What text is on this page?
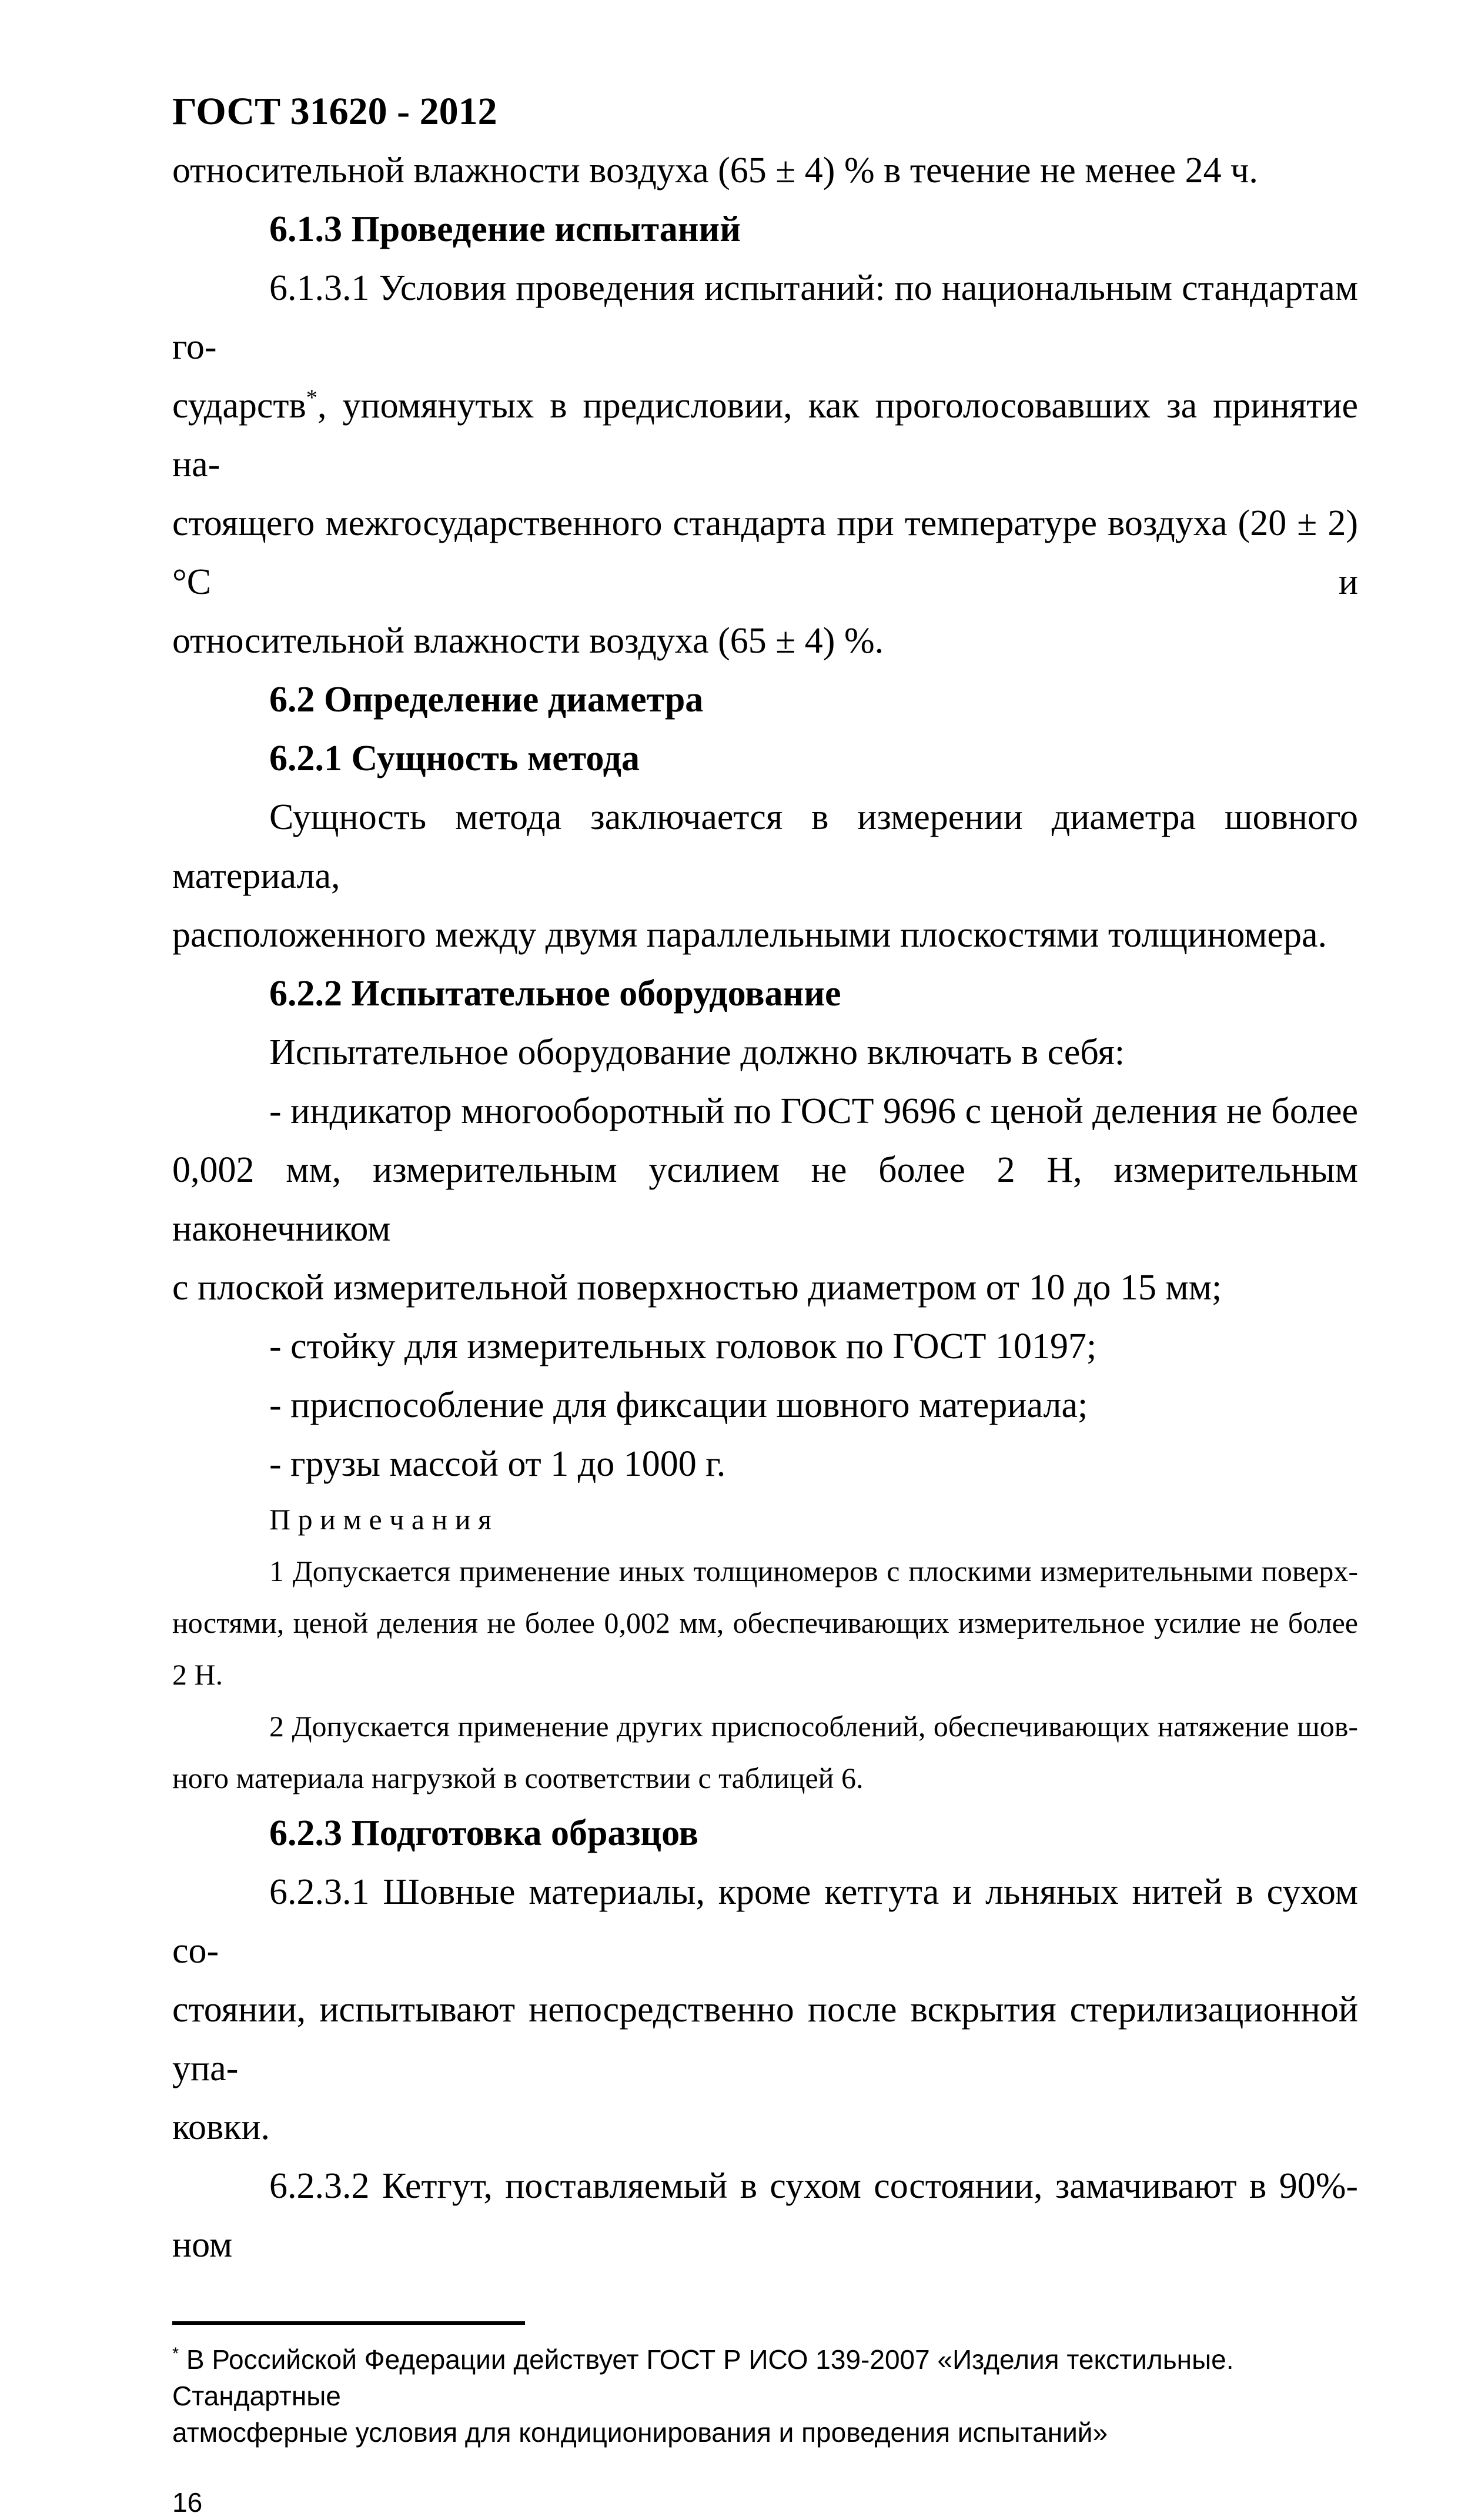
ГОСТ 31620 - 2012
относительной влажности воздуха (65 ± 4) % в течение не менее 24 ч.
6.1.3 Проведение испытаний
6.1.3.1 Условия проведения испытаний: по национальным стандартам го-
сударств*, упомянутых в предисловии, как проголосовавших за принятие на-
стоящего межгосударственного стандарта при температуре воздуха (20 ± 2) °С и
относительной влажности воздуха (65 ± 4) %.
6.2 Определение диаметра
6.2.1 Сущность метода
Сущность метода заключается в измерении диаметра шовного материала,
расположенного между двумя параллельными плоскостями толщиномера.
6.2.2 Испытательное оборудование
Испытательное оборудование должно включать в себя:
- индикатор многооборотный по ГОСТ 9696 с ценой деления не более
0,002 мм, измерительным усилием не более 2 Н, измерительным наконечником
с плоской измерительной поверхностью диаметром от 10 до 15 мм;
- стойку для измерительных головок по ГОСТ 10197;
- приспособление для фиксации шовного материала;
- грузы массой от 1 до 1000 г.
П р и м е ч а н и я
1 Допускается применение иных толщиномеров с плоскими измерительными поверх-
ностями, ценой деления не более 0,002 мм, обеспечивающих измерительное усилие не более
2 Н.
2 Допускается применение других приспособлений, обеспечивающих натяжение шов-
ного материала нагрузкой в соответствии с таблицей 6.
6.2.3 Подготовка образцов
6.2.3.1 Шовные материалы, кроме кетгута и льняных нитей в сухом со-
стоянии, испытывают непосредственно после вскрытия стерилизационной упа-
ковки.
6.2.3.2 Кетгут, поставляемый в сухом состоянии, замачивают в 90%-ном
* В Российской Федерации действует ГОСТ Р ИСО 139-2007 «Изделия текстильные. Стандартные
атмосферные условия для кондиционирования и проведения испытаний»
16
